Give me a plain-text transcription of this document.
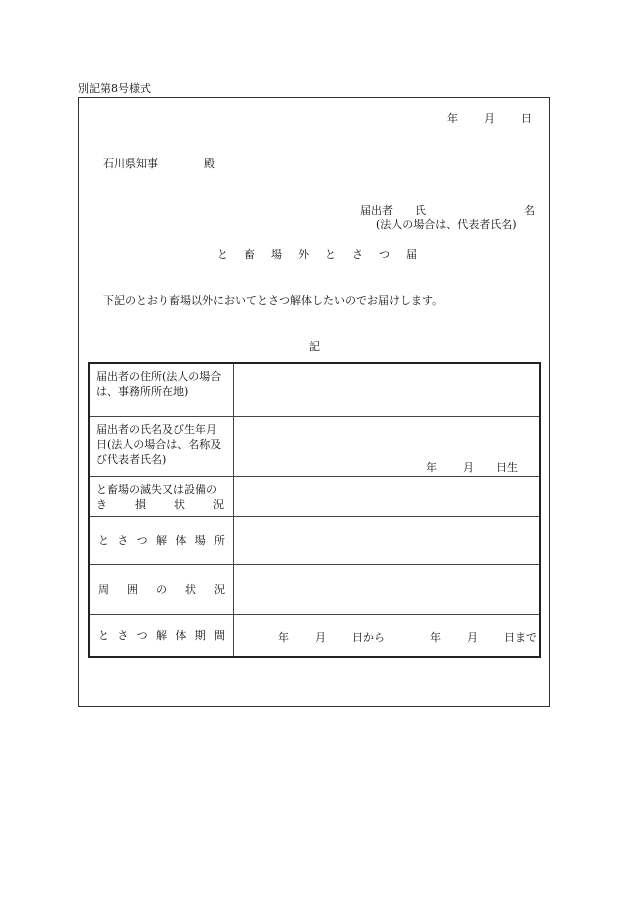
別記第8号様式
年 月 日
石川県知事	殿
届出者 氏	名
(法人の場合は、代表者氏名)
と 畜 場 外 と さ つ 届
下記のとおり畜場以外においてとさつ解体したいのでお届けします。
記
届出者の住所(法人の場合は、事務所所在地)
届出者の氏名及び生年月日(法人の場合は、名称及び代表者氏名)
年 月 日生
と畜場の滅失又は設備の
き	損	状	況
と さ つ 解 体 場 所
周 囲 の 状 況
と さ つ 解 体 期 間	年 月 日から	年 月 日まで
